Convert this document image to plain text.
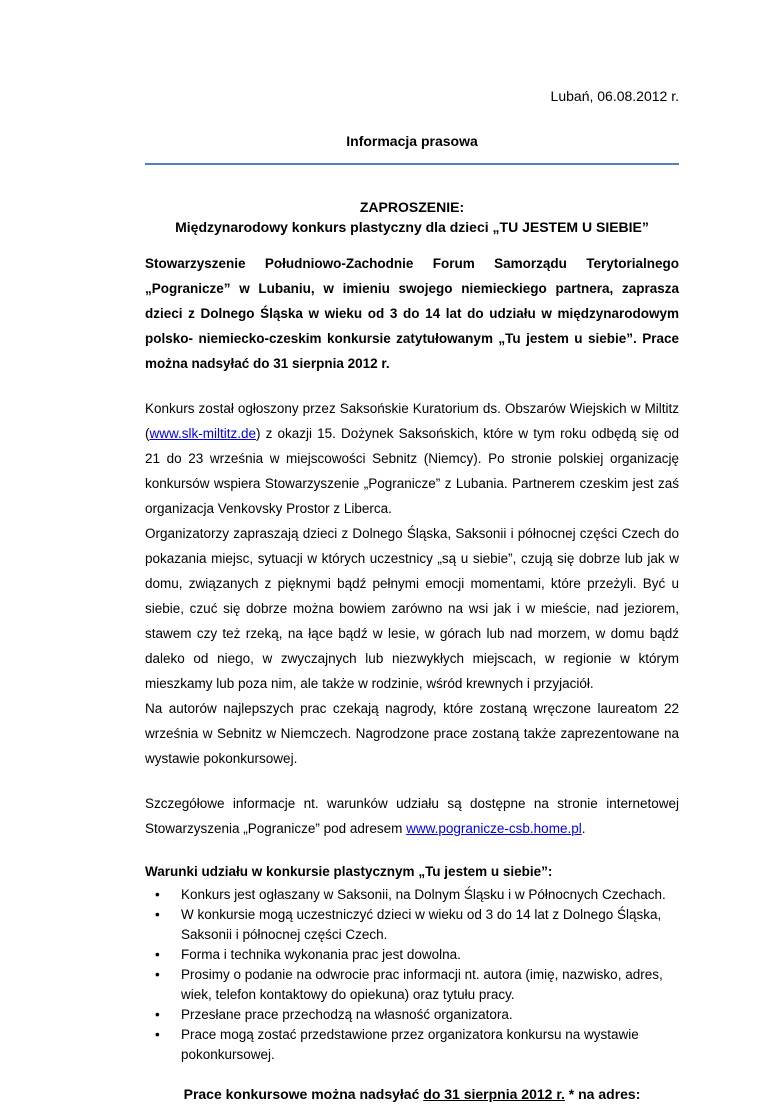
Lubań, 06.08.2012 r.
Informacja prasowa
ZAPROSZENIE:
Międzynarodowy konkurs plastyczny dla dzieci „TU JESTEM U SIEBIE”

Stowarzyszenie Południowo-Zachodnie Forum Samorządu Terytorialnego „Pogranicze” w Lubaniu, w imieniu swojego niemieckiego partnera, zaprasza dzieci z Dolnego Śląska w wieku od 3 do 14 lat do udziału w międzynarodowym polsko- niemiecko-czeskim konkursie zatytułowanym „Tu jestem u siebie”. Prace można nadsyłać do 31 sierpnia 2012 r.

Konkurs został ogłoszony przez Saksońskie Kuratorium ds. Obszarów Wiejskich w Miltitz (www.slk-miltitz.de) z okazji 15. Dożynek Saksońskich, które w tym roku odbędą się od 21 do 23 września w miejscowości Sebnitz (Niemcy). Po stronie polskiej organizację konkursów wspiera Stowarzyszenie „Pogranicze” z Lubania. Partnerem czeskim jest zaś organizacja Venkovsky Prostor z Liberca.
Organizatorzy zapraszają dzieci z Dolnego Śląska, Saksonii i północnej części Czech do pokazania miejsc, sytuacji w których uczestnicy „są u siebie”, czują się dobrze lub jak w domu, związanych z pięknymi bądź pełnymi emocji momentami, które przeżyli. Być u siebie, czuć się dobrze można bowiem zarówno na wsi jak i w mieście, nad jeziorem, stawem czy też rzeką, na łące bądź w lesie, w górach lub nad morzem, w domu bądź daleko od niego, w zwyczajnych lub niezwykłych miejscach, w regionie w którym mieszkamy lub poza nim, ale także w rodzinie, wśród krewnych i przyjaciół.
Na autorów najlepszych prac czekają nagrody, które zostaną wręczone laureatom 22 września w Sebnitz w Niemczech. Nagrodzone prace zostaną także zaprezentowane na wystawie pokonkursowej.
Szczegółowe informacje nt. warunków udziału są dostępne na stronie internetowej Stowarzyszenia „Pogranicze” pod adresem www.pogranicze-csb.home.pl.
Warunki udziału w konkursie plastycznym „Tu jestem u siebie”:
• Konkurs jest ogłaszany w Saksonii, na Dolnym Śląsku i w Północnych Czechach.
• W konkursie mogą uczestniczyć dzieci w wieku od 3 do 14 lat z Dolnego Śląska, Saksonii i północnej części Czech.
• Forma i technika wykonania prac jest dowolna.
• Prosimy o podanie na odwrocie prac informacji nt. autora (imię, nazwisko, adres, wiek, telefon kontaktowy do opiekuna) oraz tytułu pracy.
• Przesłane prace przechodzą na własność organizatora.
• Prace mogą zostać przedstawione przez organizatora konkursu na wystawie pokonkursowej.
Prace konkursowe można nadsyłać do 31 sierpnia 2012 r. * na adres:
